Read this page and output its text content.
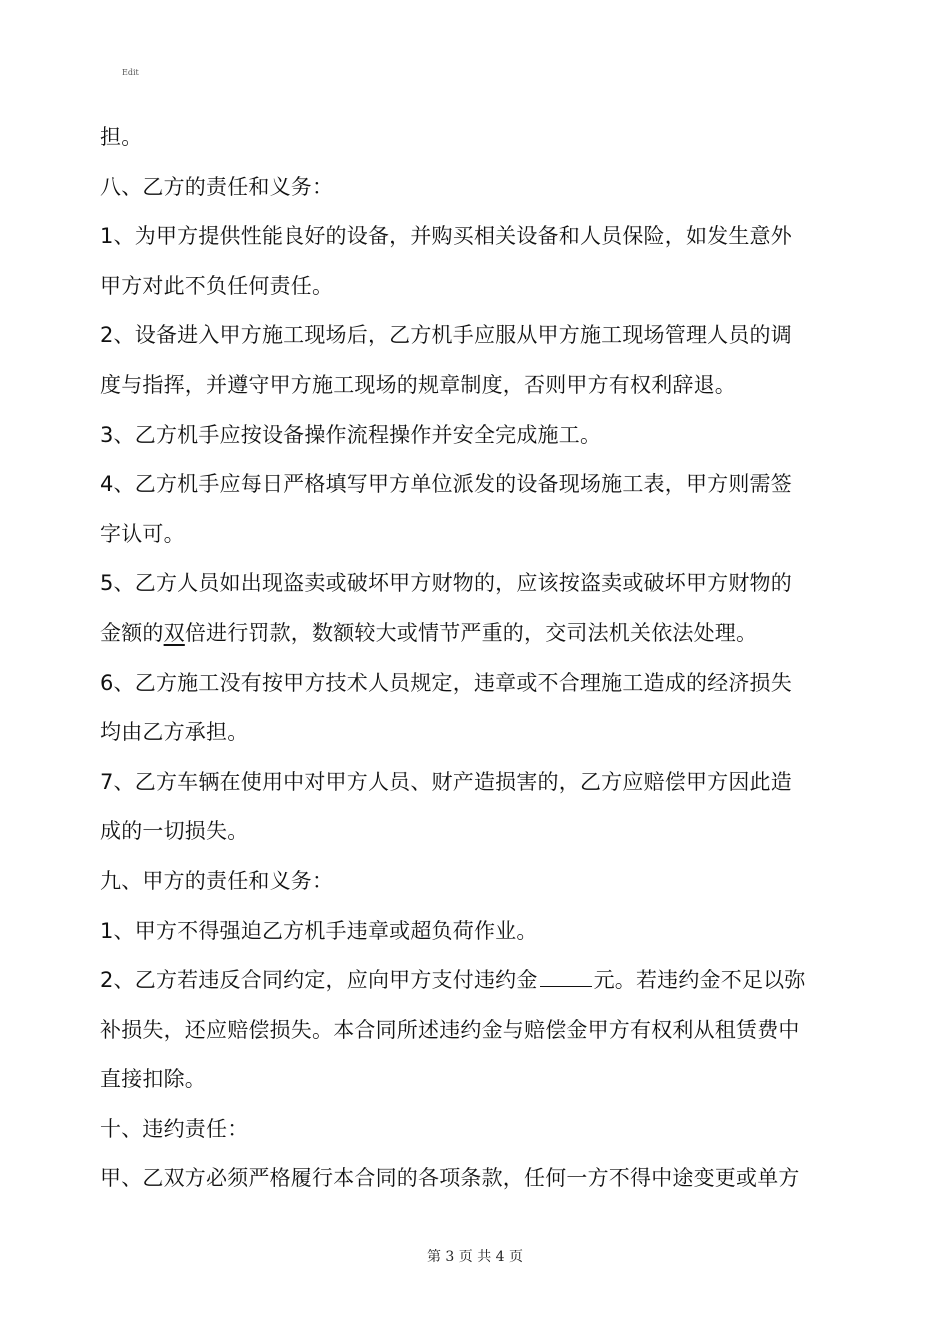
Edit
担。
八、乙方的责任和义务：
1、为甲方提供性能良好的设备，并购买相关设备和人员保险，如发生意外
甲方对此不负任何责任。
2、设备进入甲方施工现场后，乙方机手应服从甲方施工现场管理人员的调
度与指挥，并遵守甲方施工现场的规章制度，否则甲方有权利辞退。
3、乙方机手应按设备操作流程操作并安全完成施工。
4、乙方机手应每日严格填写甲方单位派发的设备现场施工表，甲方则需签
字认可。
5、乙方人员如出现盗卖或破坏甲方财物的，应该按盗卖或破坏甲方财物的
金额的双倍进行罚款，数额较大或情节严重的，交司法机关依法处理。
6、乙方施工没有按甲方技术人员规定，违章或不合理施工造成的经济损失
均由乙方承担。
7、乙方车辆在使用中对甲方人员、财产造损害的，乙方应赔偿甲方因此造
成的一切损失。
九、甲方的责任和义务：
1、甲方不得强迫乙方机手违章或超负荷作业。
2、乙方若违反合同约定，应向甲方支付违约金	元。若违约金不足以弥
补损失，还应赔偿损失。本合同所述违约金与赔偿金甲方有权利从租赁费中
直接扣除。
十、违约责任：
甲、乙双方必须严格履行本合同的各项条款，任何一方不得中途变更或单方
第 3 页 共 4 页
